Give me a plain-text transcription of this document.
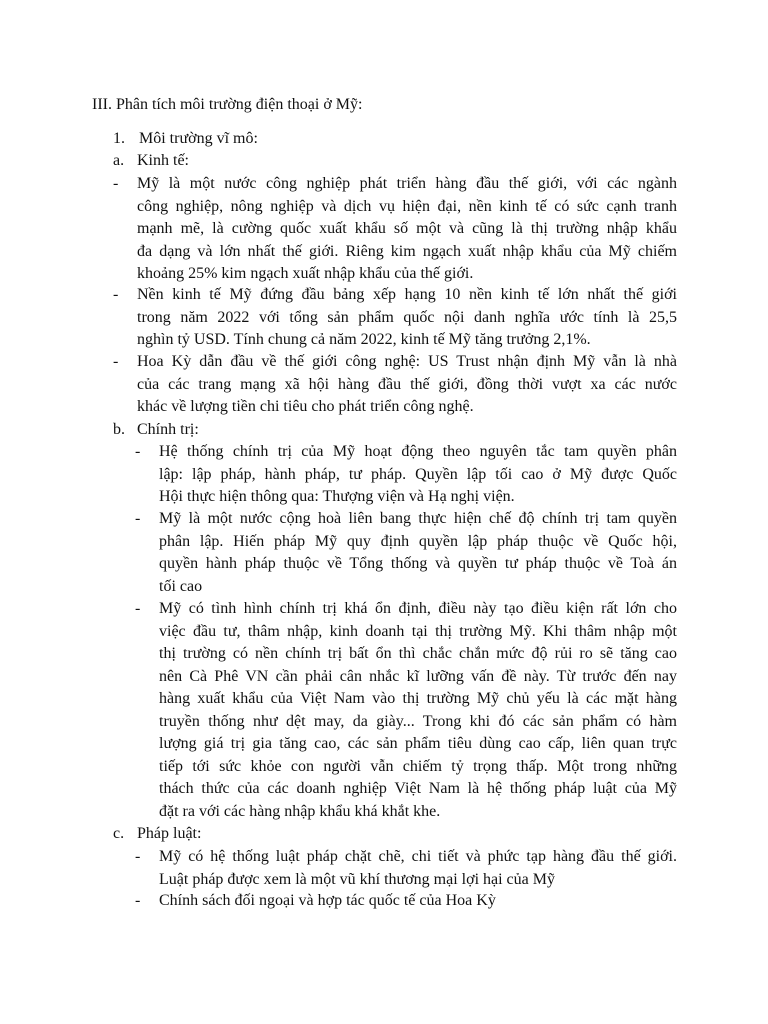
III. Phân tích môi trường điện thoại ở Mỹ:
1. Môi trường vĩ mô:
a. Kinh tế:
-	Mỹ là một nước công nghiệp phát triển hàng đầu thế giới, với các ngành
công nghiệp, nông nghiệp và dịch vụ hiện đại, nền kinh tế có sức cạnh tranh
mạnh mẽ, là cường quốc xuất khẩu số một và cũng là thị trường nhập khẩu
đa dạng và lớn nhất thế giới. Riêng kim ngạch xuất nhập khẩu của Mỹ chiếm
khoảng 25% kim ngạch xuất nhập khẩu của thế giới.
-	Nền kinh tế Mỹ đứng đầu bảng xếp hạng 10 nền kinh tế lớn nhất thế giới
trong năm 2022 với tổng sản phẩm quốc nội danh nghĩa ước tính là 25,5
nghìn tỷ USD. Tính chung cả năm 2022, kinh tế Mỹ tăng trưởng 2,1%.
-	Hoa Kỳ dẫn đầu về thế giới công nghệ: US Trust nhận định Mỹ vẫn là nhà
của các trang mạng xã hội hàng đầu thế giới, đồng thời vượt xa các nước
khác về lượng tiền chi tiêu cho phát triển công nghệ.
b. Chính trị:
-	Hệ thống chính trị của Mỹ hoạt động theo nguyên tắc tam quyền phân
lập: lập pháp, hành pháp, tư pháp. Quyền lập tối cao ở Mỹ được Quốc
Hội thực hiện thông qua: Thượng viện và Hạ nghị viện.
-	Mỹ là một nước cộng hoà liên bang thực hiện chế độ chính trị tam quyền
phân lập. Hiến pháp Mỹ quy định quyền lập pháp thuộc về Quốc hội,
quyền hành pháp thuộc về Tổng thống và quyền tư pháp thuộc về Toà án
tối cao
-	Mỹ có tình hình chính trị khá ổn định, điều này tạo điều kiện rất lớn cho
việc đầu tư, thâm nhập, kinh doanh tại thị trường Mỹ. Khi thâm nhập một
thị trường có nền chính trị bất ổn thì chắc chắn mức độ rủi ro sẽ tăng cao
nên Cà Phê VN cần phải cân nhắc kĩ lưỡng vấn đề này. Từ trước đến nay
hàng xuất khẩu của Việt Nam vào thị trường Mỹ chủ yếu là các mặt hàng
truyền thống như dệt may, da giày... Trong khi đó các sản phẩm có hàm
lượng giá trị gia tăng cao, các sản phẩm tiêu dùng cao cấp, liên quan trực
tiếp tới sức khỏe con người vẫn chiếm tỷ trọng thấp. Một trong những
thách thức của các doanh nghiệp Việt Nam là hệ thống pháp luật của Mỹ
đặt ra với các hàng nhập khẩu khá khắt khe.
c. Pháp luật:
-	Mỹ có hệ thống luật pháp chặt chẽ, chi tiết và phức tạp hàng đầu thế giới.
Luật pháp được xem là một vũ khí thương mại lợi hại của Mỹ
-	Chính sách đối ngoại và hợp tác quốc tế của Hoa Kỳ
